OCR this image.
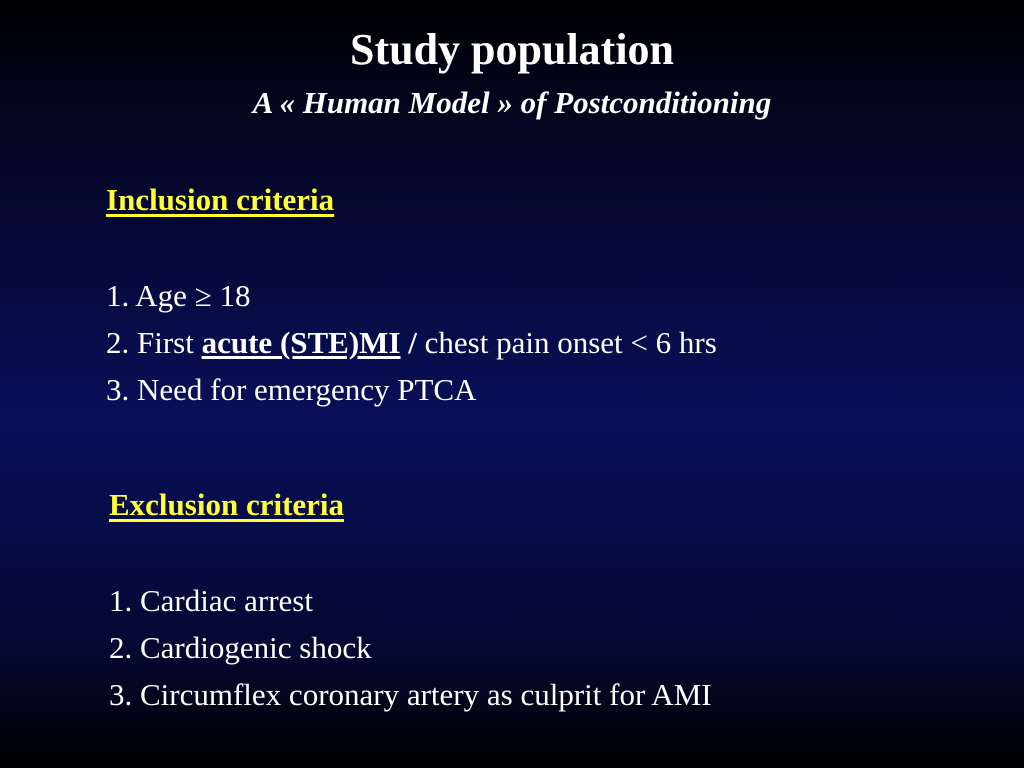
Study population
A « Human Model » of Postconditioning
Inclusion criteria
1. Age ≥ 18
2. First acute (STE)MI / chest pain onset < 6 hrs
3. Need for emergency PTCA
Exclusion criteria
1. Cardiac arrest
2. Cardiogenic shock
3. Circumflex coronary artery as culprit for AMI
